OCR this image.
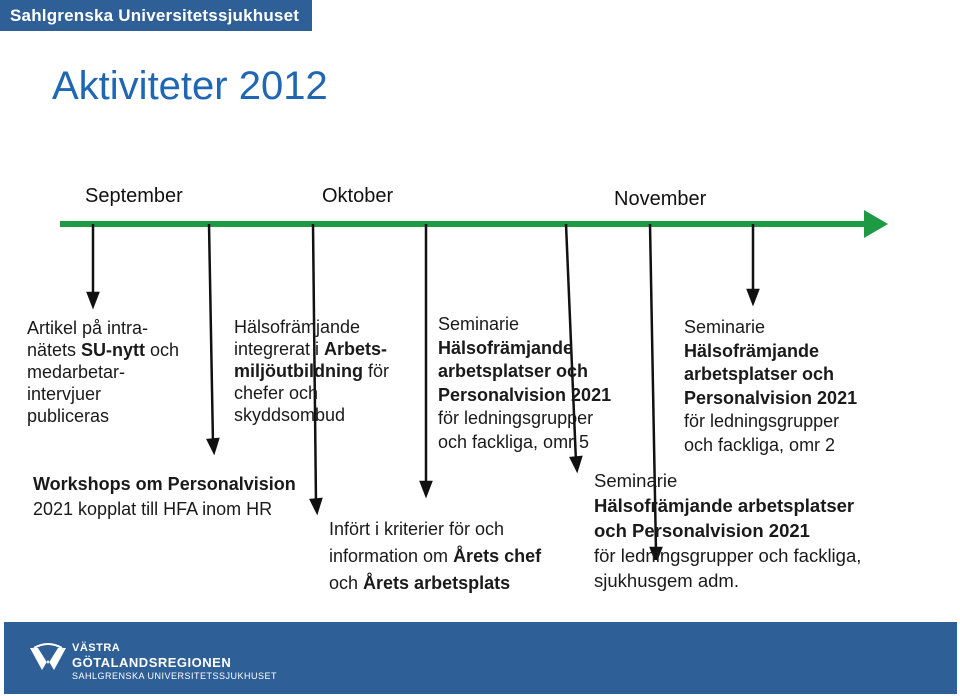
Sahlgrenska Universitetssjukhuset
Aktiviteter 2012
September	Oktober	November
Artikel på intra-
nätets SU-nytt och
medarbetar-
intervjuer
publiceras
Hälsofrämjande
integrerat i Arbets-
miljöutbildning för
chefer och
skyddsombud
Seminarie
Hälsofrämjande
arbetsplatser och
Personalvision 2021
för ledningsgrupper
och fackliga, omr 5
Seminarie
Hälsofrämjande
arbetsplatser och
Personalvision 2021
för ledningsgrupper
och fackliga, omr 2
Workshops om Personalvision
2021 kopplat till HFA inom HR
Infört i kriterier för och
information om Årets chef
och Årets arbetsplats
Seminarie
Hälsofrämjande arbetsplatser
och Personalvision 2021
för ledningsgrupper och fackliga,
sjukhusgem adm.
VÄSTRA
GÖTALANDSREGIONEN
SAHLGRENSKA UNIVERSITETSSJUKHUSET
